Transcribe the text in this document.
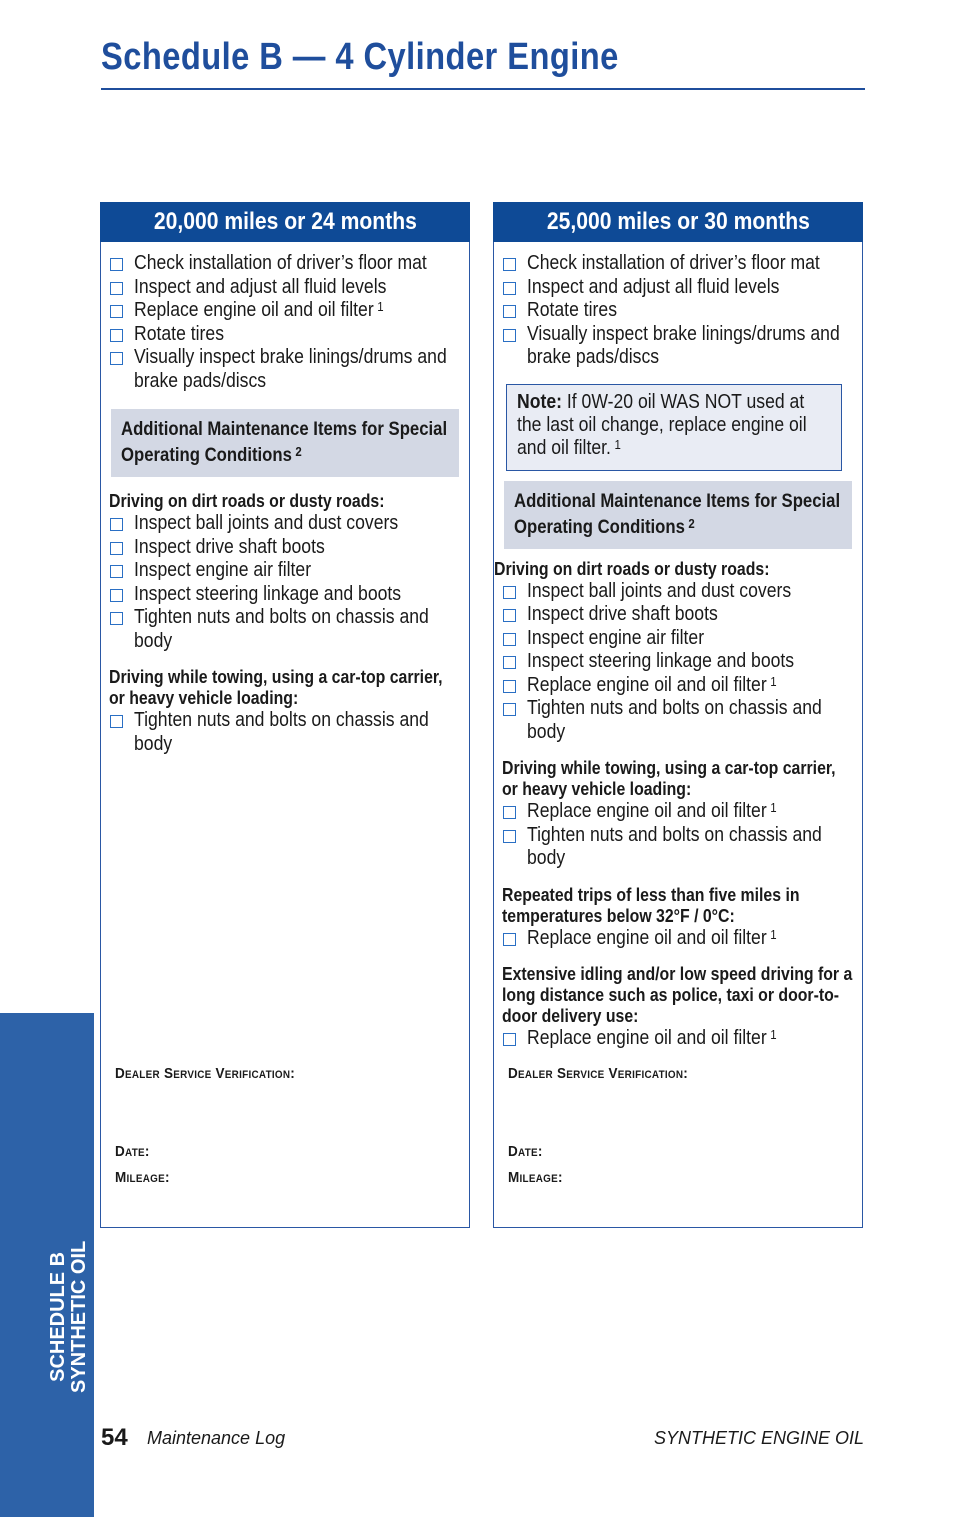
Schedule B — 4 Cylinder Engine
20,000 miles or 24 months
Check installation of driver’s floor mat
Inspect and adjust all fluid levels
Replace engine oil and oil filter $^1$
Rotate tires
Visually inspect brake linings/drums and brake pads/discs
Additional Maintenance Items for Special Operating Conditions $^2$
Driving on dirt roads or dusty roads:
Inspect ball joints and dust covers
Inspect drive shaft boots
Inspect engine air filter
Inspect steering linkage and boots
Tighten nuts and bolts on chassis and body
Driving while towing, using a car-top carrier, or heavy vehicle loading:
Tighten nuts and bolts on chassis and body
Dealer Service Verification:
Date:
Mileage:
25,000 miles or 30 months
Check installation of driver’s floor mat
Inspect and adjust all fluid levels
Rotate tires
Visually inspect brake linings/drums and brake pads/discs
Note: If 0W-20 oil WAS NOT used at the last oil change, replace engine oil and oil filter. $^1$
Additional Maintenance Items for Special Operating Conditions $^2$
Driving on dirt roads or dusty roads:
Inspect ball joints and dust covers
Inspect drive shaft boots
Inspect engine air filter
Inspect steering linkage and boots
Replace engine oil and oil filter $^1$
Tighten nuts and bolts on chassis and body
Driving while towing, using a car-top carrier, or heavy vehicle loading:
Replace engine oil and oil filter $^1$
Tighten nuts and bolts on chassis and body
Repeated trips of less than five miles in temperatures below 32°F / 0°C:
Replace engine oil and oil filter $^1$
Extensive idling and/or low speed driving for a long distance such as police, taxi or door-to-door delivery use:
Replace engine oil and oil filter $^1$
Dealer Service Verification:
Date:
Mileage:
SCHEDULE B SYNTHETIC OIL
54 Maintenance Log	SYNTHETIC ENGINE OIL
